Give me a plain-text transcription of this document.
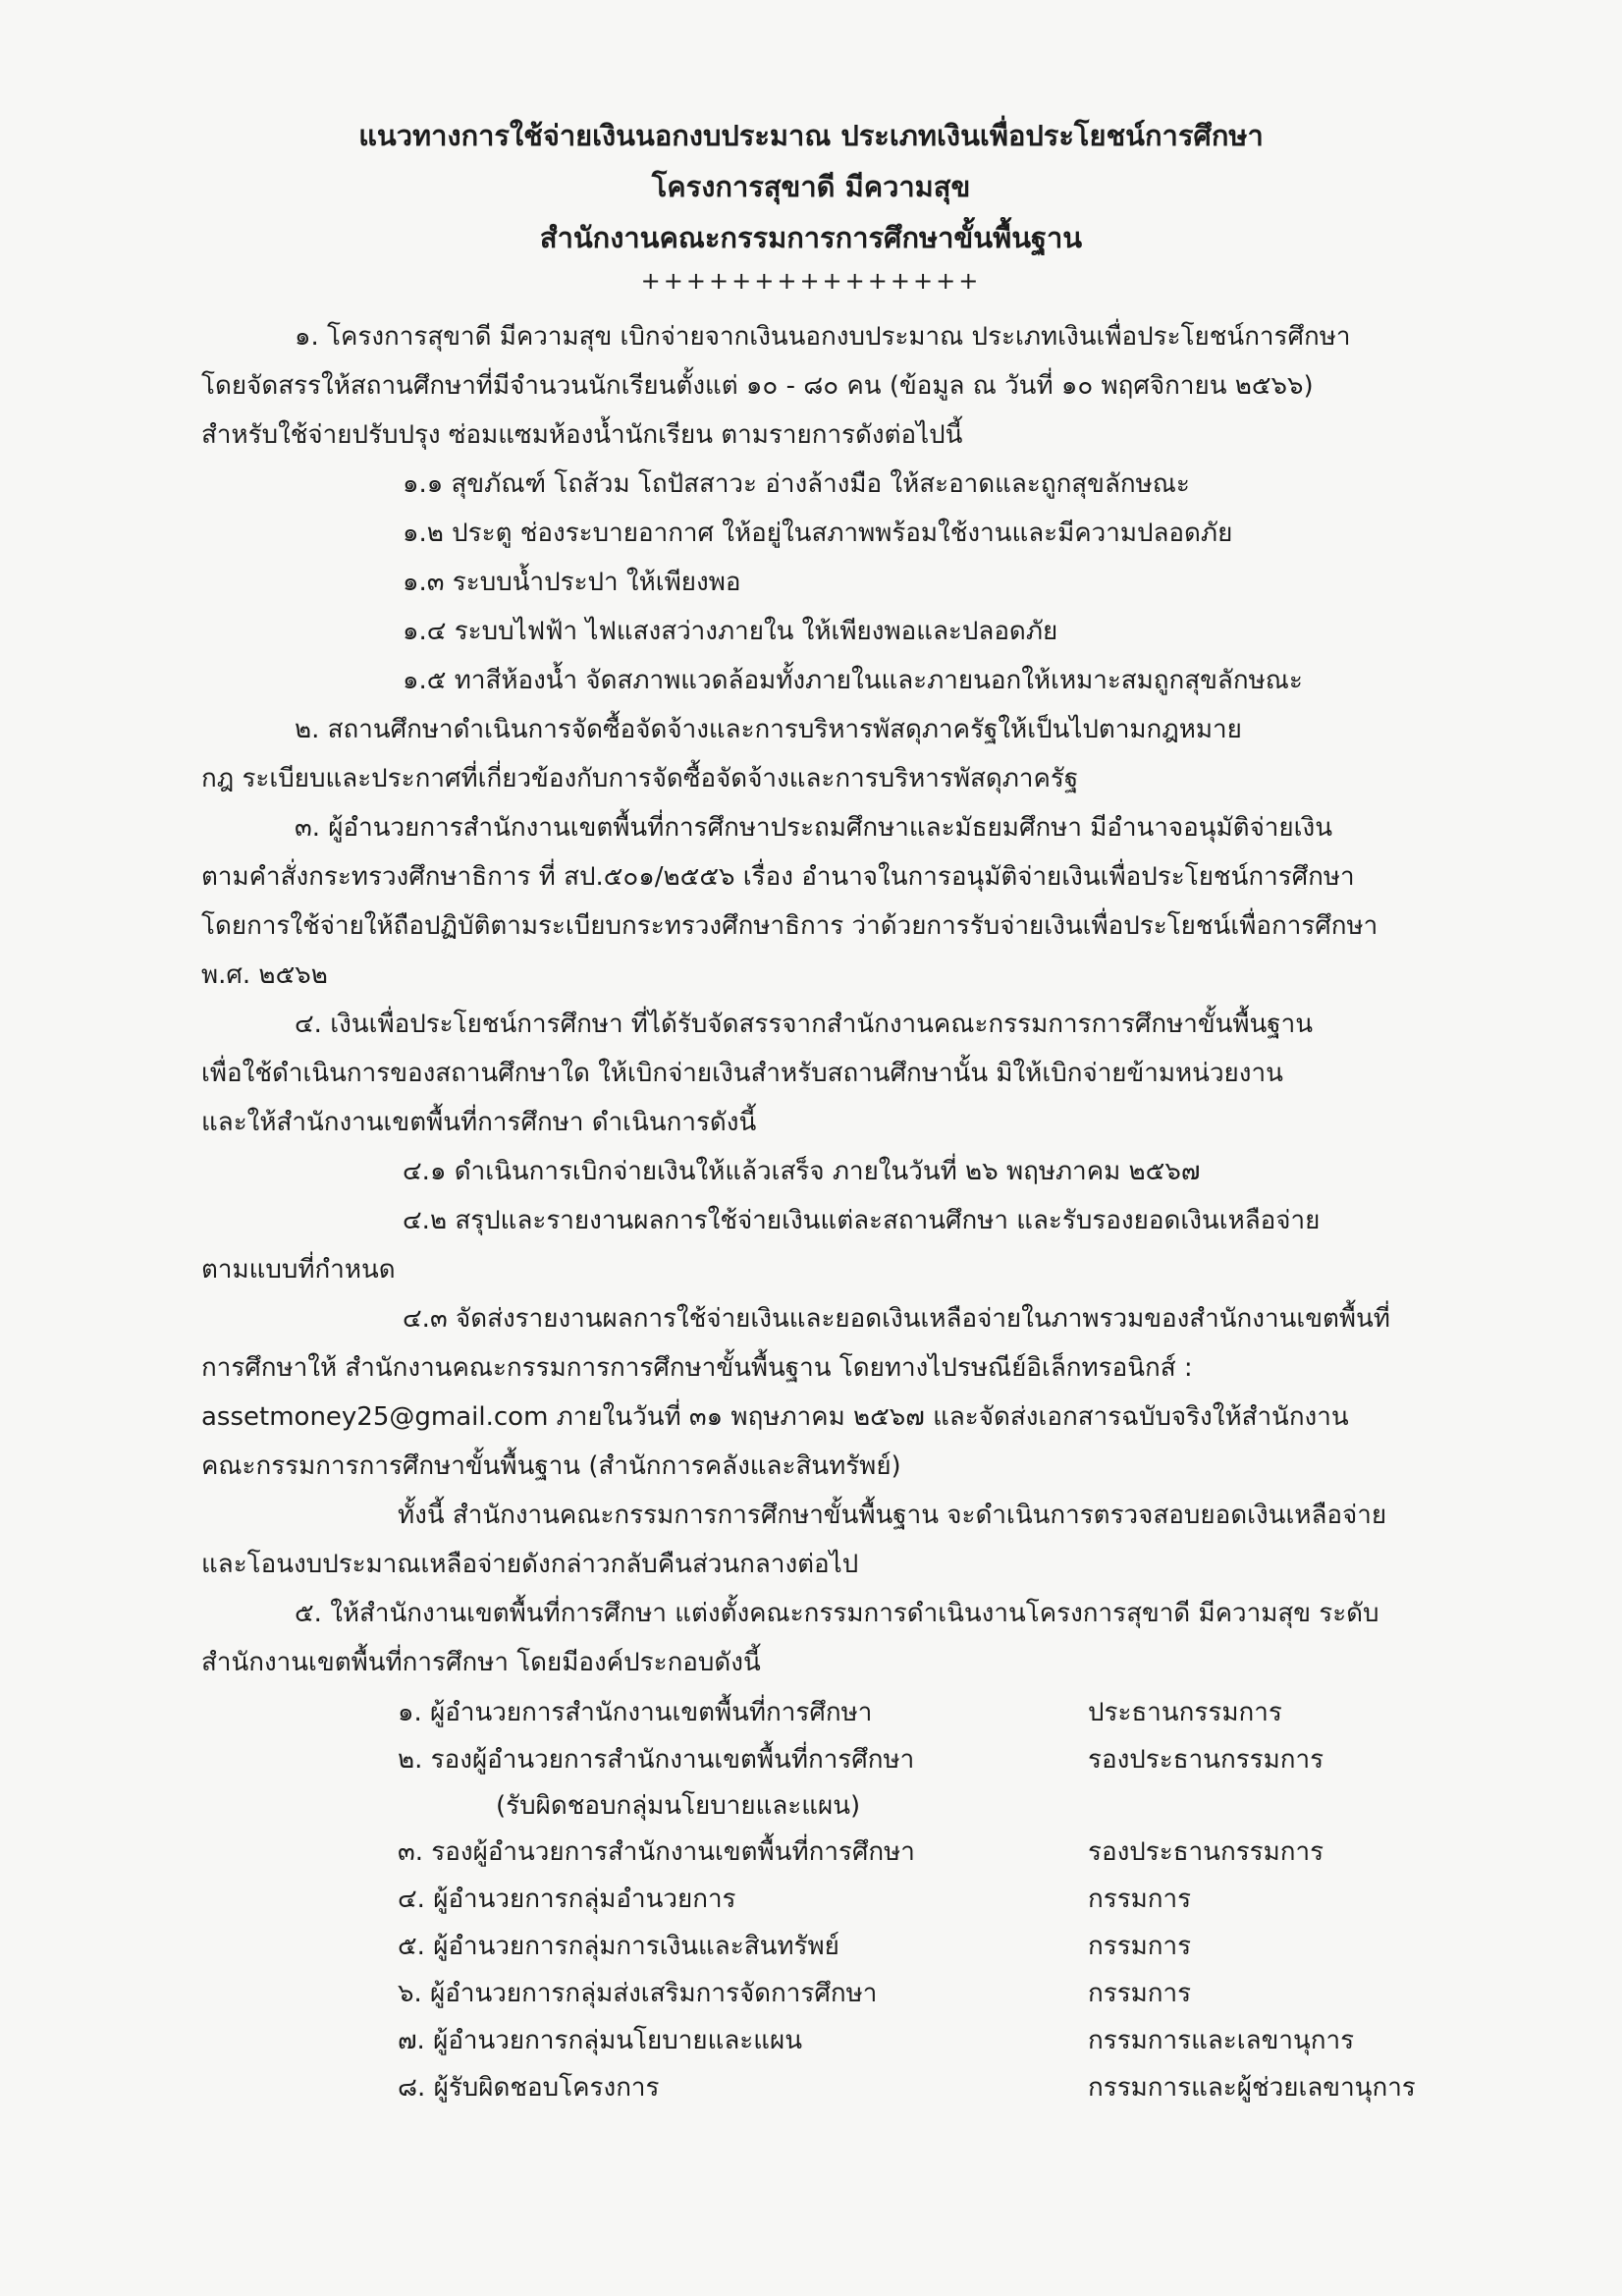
แนวทางการใช้จ่ายเงินนอกงบประมาณ ประเภทเงินเพื่อประโยชน์การศึกษา
โครงการสุขาดี มีความสุข
สำนักงานคณะกรรมการการศึกษาขั้นพื้นฐาน
+++++++++++++++

๑. โครงการสุขาดี มีความสุข เบิกจ่ายจากเงินนอกงบประมาณ ประเภทเงินเพื่อประโยชน์การศึกษา

โดยจัดสรรให้สถานศึกษาที่มีจำนวนนักเรียนตั้งแต่ ๑๐ - ๘๐ คน (ข้อมูล ณ วันที่ ๑๐ พฤศจิกายน ๒๕๖๖)

สำหรับใช้จ่ายปรับปรุง ซ่อมแซมห้องน้ำนักเรียน ตามรายการดังต่อไปนี้

๑.๑ สุขภัณฑ์ โถส้วม โถปัสสาวะ อ่างล้างมือ ให้สะอาดและถูกสุขลักษณะ
๑.๒ ประตู ช่องระบายอากาศ ให้อยู่ในสภาพพร้อมใช้งานและมีความปลอดภัย
๑.๓ ระบบน้ำประปา ให้เพียงพอ
๑.๔ ระบบไฟฟ้า ไฟแสงสว่างภายใน ให้เพียงพอและปลอดภัย
๑.๕ ทาสีห้องน้ำ จัดสภาพแวดล้อมทั้งภายในและภายนอกให้เหมาะสมถูกสุขลักษณะ

๒. สถานศึกษาดำเนินการจัดซื้อจัดจ้างและการบริหารพัสดุภาครัฐให้เป็นไปตามกฎหมาย

กฎ ระเบียบและประกาศที่เกี่ยวข้องกับการจัดซื้อจัดจ้างและการบริหารพัสดุภาครัฐ

๓. ผู้อำนวยการสำนักงานเขตพื้นที่การศึกษาประถมศึกษาและมัธยมศึกษา มีอำนาจอนุมัติจ่ายเงิน

ตามคำสั่งกระทรวงศึกษาธิการ ที่ สป.๕๐๑/๒๕๕๖ เรื่อง อำนาจในการอนุมัติจ่ายเงินเพื่อประโยชน์การศึกษา

โดยการใช้จ่ายให้ถือปฏิบัติตามระเบียบกระทรวงศึกษาธิการ ว่าด้วยการรับจ่ายเงินเพื่อประโยชน์เพื่อการศึกษา

พ.ศ. ๒๕๖๒

๔. เงินเพื่อประโยชน์การศึกษา ที่ได้รับจัดสรรจากสำนักงานคณะกรรมการการศึกษาขั้นพื้นฐาน

เพื่อใช้ดำเนินการของสถานศึกษาใด ให้เบิกจ่ายเงินสำหรับสถานศึกษานั้น มิให้เบิกจ่ายข้ามหน่วยงาน

และให้สำนักงานเขตพื้นที่การศึกษา ดำเนินการดังนี้

๔.๑ ดำเนินการเบิกจ่ายเงินให้แล้วเสร็จ ภายในวันที่ ๒๖ พฤษภาคม ๒๕๖๗
๔.๒ สรุปและรายงานผลการใช้จ่ายเงินแต่ละสถานศึกษา และรับรองยอดเงินเหลือจ่าย

ตามแบบที่กำหนด

๔.๓ จัดส่งรายงานผลการใช้จ่ายเงินและยอดเงินเหลือจ่ายในภาพรวมของสำนักงานเขตพื้นที่

การศึกษาให้ สำนักงานคณะกรรมการการศึกษาขั้นพื้นฐาน โดยทางไปรษณีย์อิเล็กทรอนิกส์ :

assetmoney25@gmail.com ภายในวันที่ ๓๑ พฤษภาคม ๒๕๖๗ และจัดส่งเอกสารฉบับจริงให้สำนักงาน

คณะกรรมการการศึกษาขั้นพื้นฐาน (สำนักการคลังและสินทรัพย์)

ทั้งนี้ สำนักงานคณะกรรมการการศึกษาขั้นพื้นฐาน จะดำเนินการตรวจสอบยอดเงินเหลือจ่าย

และโอนงบประมาณเหลือจ่ายดังกล่าวกลับคืนส่วนกลางต่อไป

๕. ให้สำนักงานเขตพื้นที่การศึกษา แต่งตั้งคณะกรรมการดำเนินงานโครงการสุขาดี มีความสุข ระดับ

สำนักงานเขตพื้นที่การศึกษา โดยมีองค์ประกอบดังนี้

๑. ผู้อำนวยการสำนักงานเขตพื้นที่การศึกษา	ประธานกรรมการ
๒. รองผู้อำนวยการสำนักงานเขตพื้นที่การศึกษา	รองประธานกรรมการ
(รับผิดชอบกลุ่มนโยบายและแผน)
๓. รองผู้อำนวยการสำนักงานเขตพื้นที่การศึกษา	รองประธานกรรมการ
๔. ผู้อำนวยการกลุ่มอำนวยการ	กรรมการ
๕. ผู้อำนวยการกลุ่มการเงินและสินทรัพย์	กรรมการ
๖. ผู้อำนวยการกลุ่มส่งเสริมการจัดการศึกษา	กรรมการ
๗. ผู้อำนวยการกลุ่มนโยบายและแผน	กรรมการและเลขานุการ
๘. ผู้รับผิดชอบโครงการ	กรรมการและผู้ช่วยเลขานุการ
